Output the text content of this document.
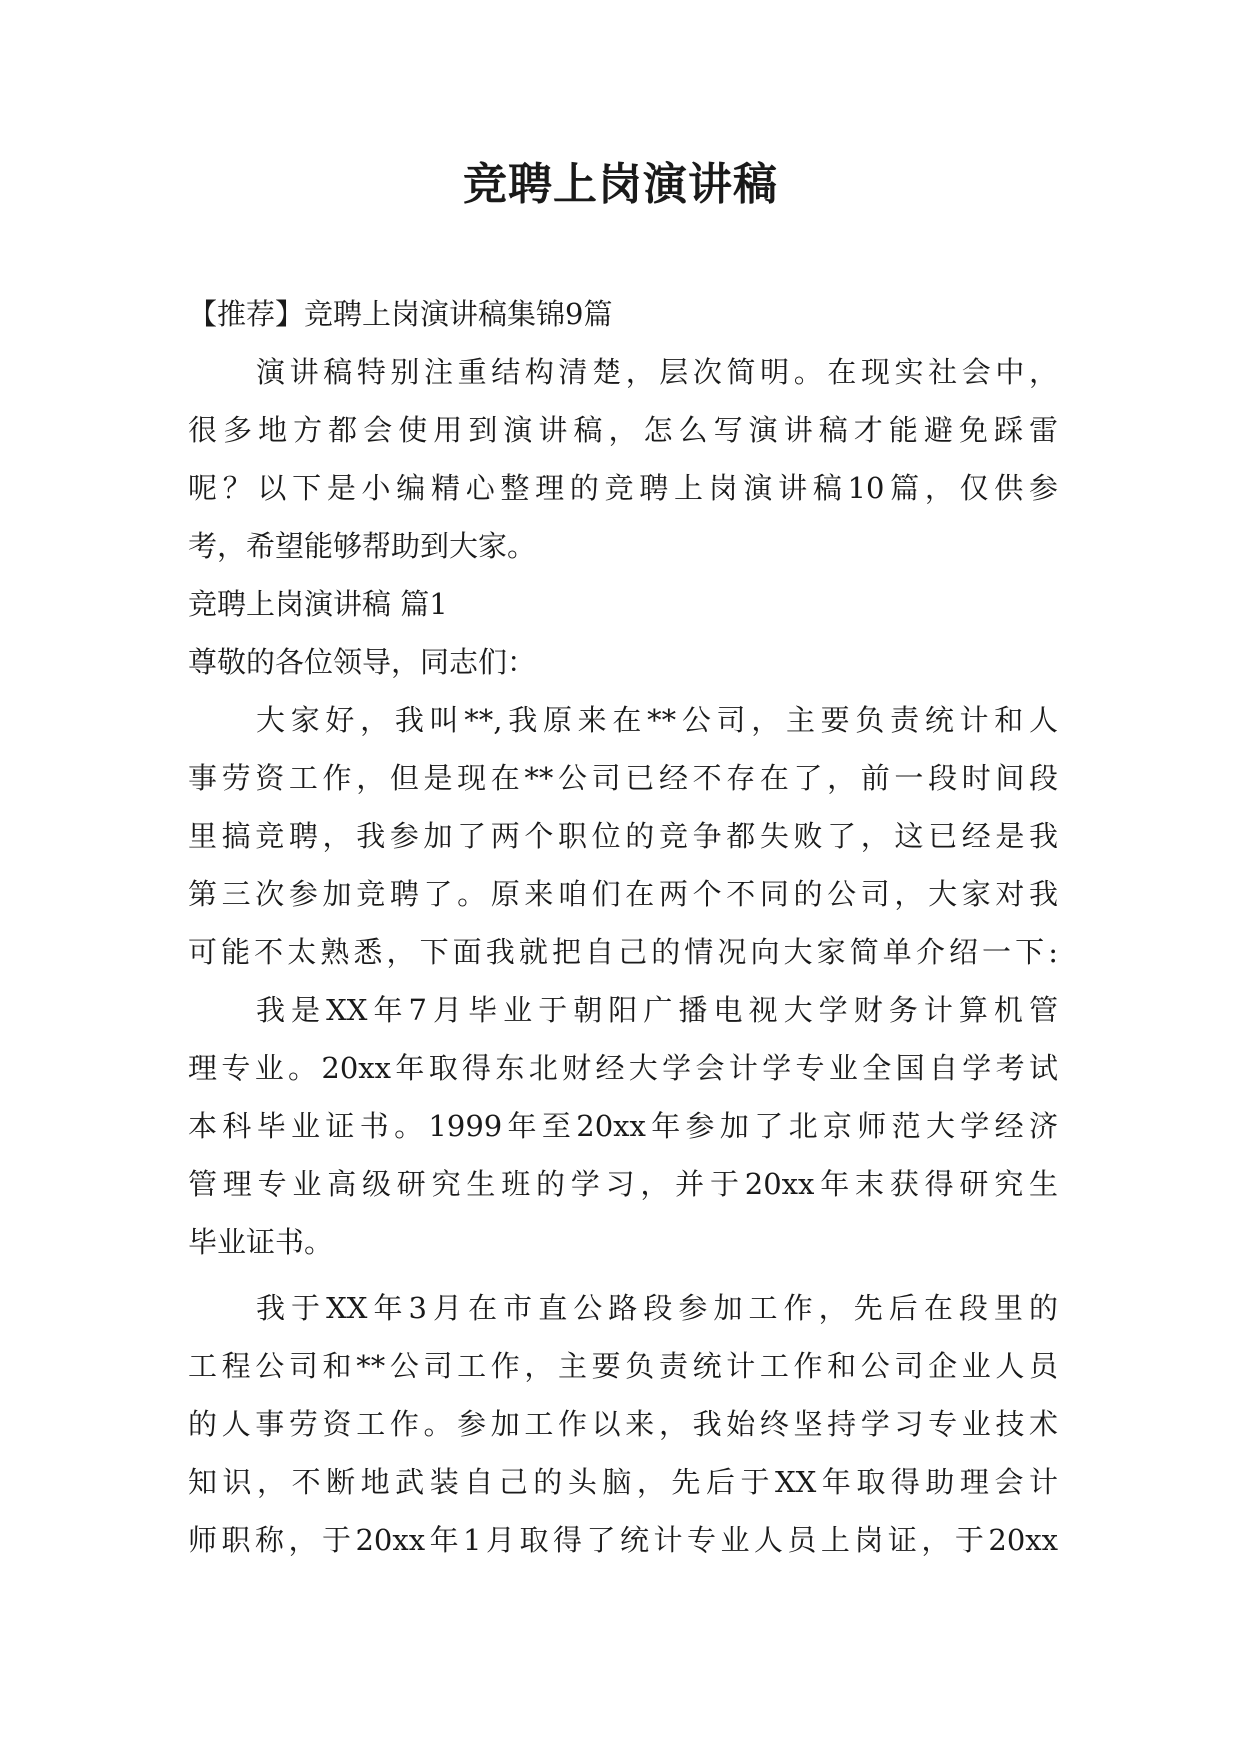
竞聘上岗演讲稿

【推荐】竞聘上岗演讲稿集锦9篇

演讲稿特别注重结构清楚，层次简明。在现实社会中，

很多地方都会使用到演讲稿，怎么写演讲稿才能避免踩雷

呢？以下是小编精心整理的竞聘上岗演讲稿10篇，仅供参

考，希望能够帮助到大家。

竞聘上岗演讲稿 篇1

尊敬的各位领导，同志们：

大家好，我叫**,我原来在**公司，主要负责统计和人

事劳资工作，但是现在**公司已经不存在了，前一段时间段

里搞竞聘，我参加了两个职位的竞争都失败了，这已经是我

第三次参加竞聘了。原来咱们在两个不同的公司，大家对我

可能不太熟悉，下面我就把自己的情况向大家简单介绍一下:

我是XX年7月毕业于朝阳广播电视大学财务计算机管

理专业。20xx年取得东北财经大学会计学专业全国自学考试

本科毕业证书。1999年至20xx年参加了北京师范大学经济

管理专业高级研究生班的学习，并于20xx年末获得研究生

毕业证书。

我于XX年3月在市直公路段参加工作，先后在段里的

工程公司和**公司工作，主要负责统计工作和公司企业人员

的人事劳资工作。参加工作以来，我始终坚持学习专业技术

知识，不断地武装自己的头脑，先后于XX年取得助理会计

师职称，于20xx年1月取得了统计专业人员上岗证，于20xx
